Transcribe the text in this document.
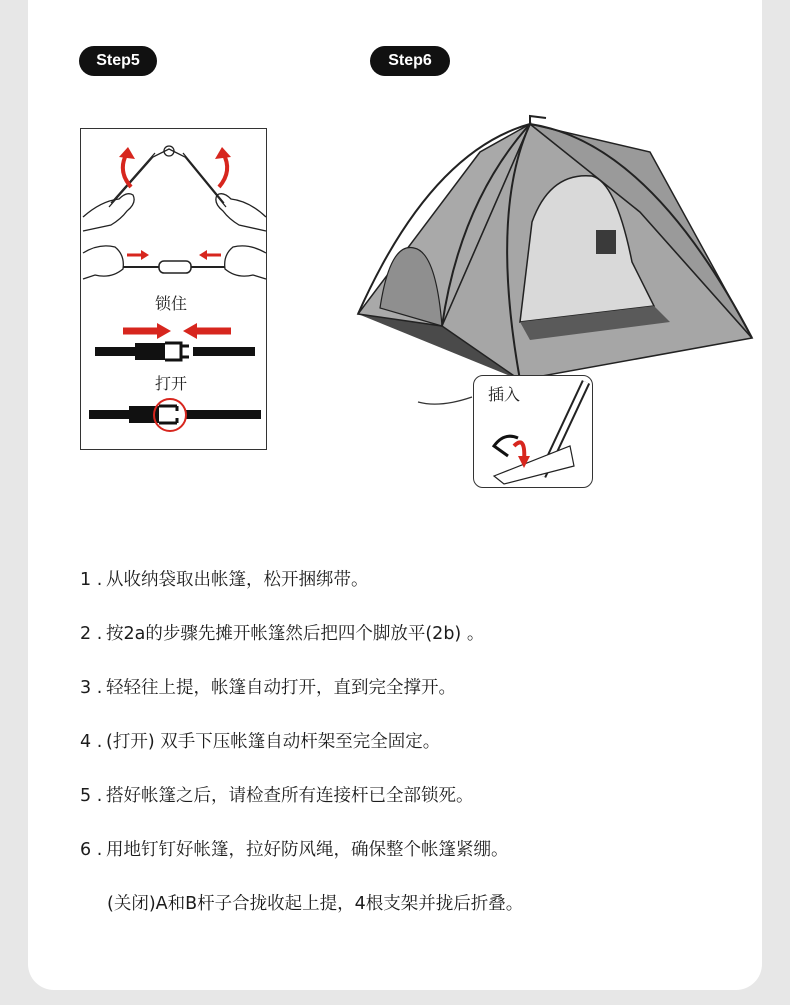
Step5	Step6
锁住
打开
插入
1 . 从收纳袋取出帐篷，松开捆绑带。
2 . 按2a的步骤先摊开帐篷然后把四个脚放平(2b) 。
3 . 轻轻往上提，帐篷自动打开，直到完全撑开。
4 . (打开) 双手下压帐篷自动杆架至完全固定。
5 . 搭好帐篷之后，请检查所有连接杆已全部锁死。
6 . 用地钉钉好帐篷，拉好防风绳，确保整个帐篷紧绷。
(关闭)A和B杆子合拢收起上提，4根支架并拢后折叠。
